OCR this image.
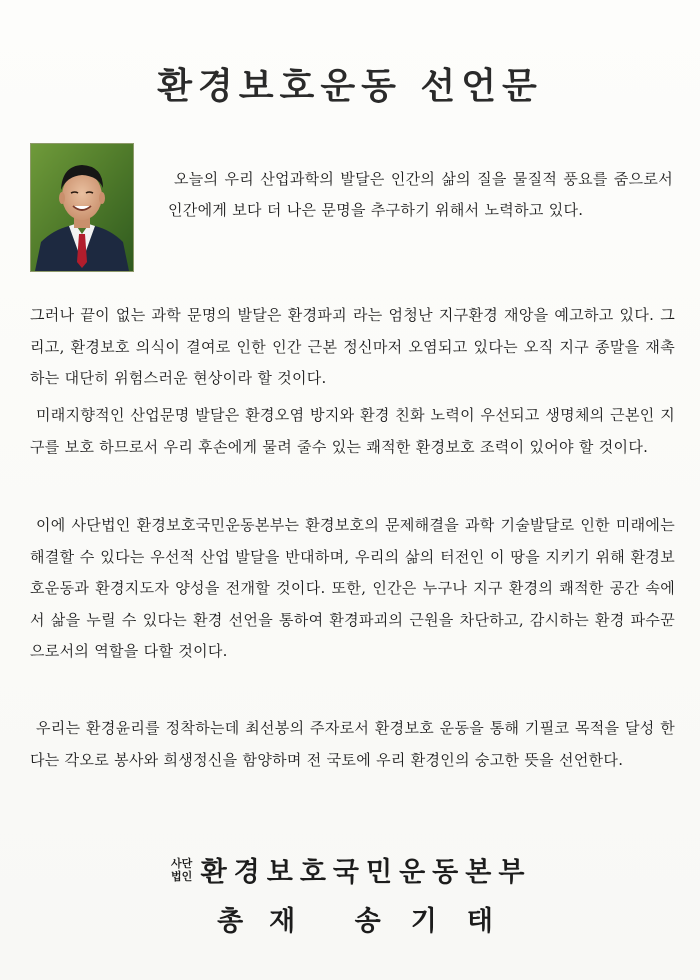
환경보호운동 선언문

오늘의 우리 산업과학의 발달은 인간의 삶의 질을 물질적 풍요를 줌으로서 인간에게 보다 더 나은 문명을 추구하기 위해서 노력하고 있다.

그러나 끝이 없는 과학 문명의 발달은 환경파괴 라는 엄청난 지구환경 재앙을 예고하고 있다. 그리고, 환경보호 의식이 결여로 인한 인간 근본 정신마저 오염되고 있다는 오직 지구 종말을 재촉하는 대단히 위험스러운 현상이라 할 것이다.

미래지향적인 산업문명 발달은 환경오염 방지와 환경 친화 노력이 우선되고 생명체의 근본인 지구를 보호 하므로서 우리 후손에게 물려 줄수 있는 쾌적한 환경보호 조력이 있어야 할 것이다.

이에 사단법인 환경보호국민운동본부는 환경보호의 문제해결을 과학 기술발달로 인한 미래에는 해결할 수 있다는 우선적 산업 발달을 반대하며, 우리의 삶의 터전인 이 땅을 지키기 위해 환경보호운동과 환경지도자 양성을 전개할 것이다. 또한, 인간은 누구나 지구 환경의 쾌적한 공간 속에서 삶을 누릴 수 있다는 환경 선언을 통하여 환경파괴의 근원을 차단하고, 감시하는 환경 파수꾼으로서의 역할을 다할 것이다.

우리는 환경윤리를 정착하는데 최선봉의 주자로서 환경보호 운동을 통해 기필코 목적을 달성 한다는 각오로 봉사와 희생정신을 함양하며 전 국토에 우리 환경인의 숭고한 뜻을 선언한다.

사단
법인 환경보호국민운동본부
총재 송기태
